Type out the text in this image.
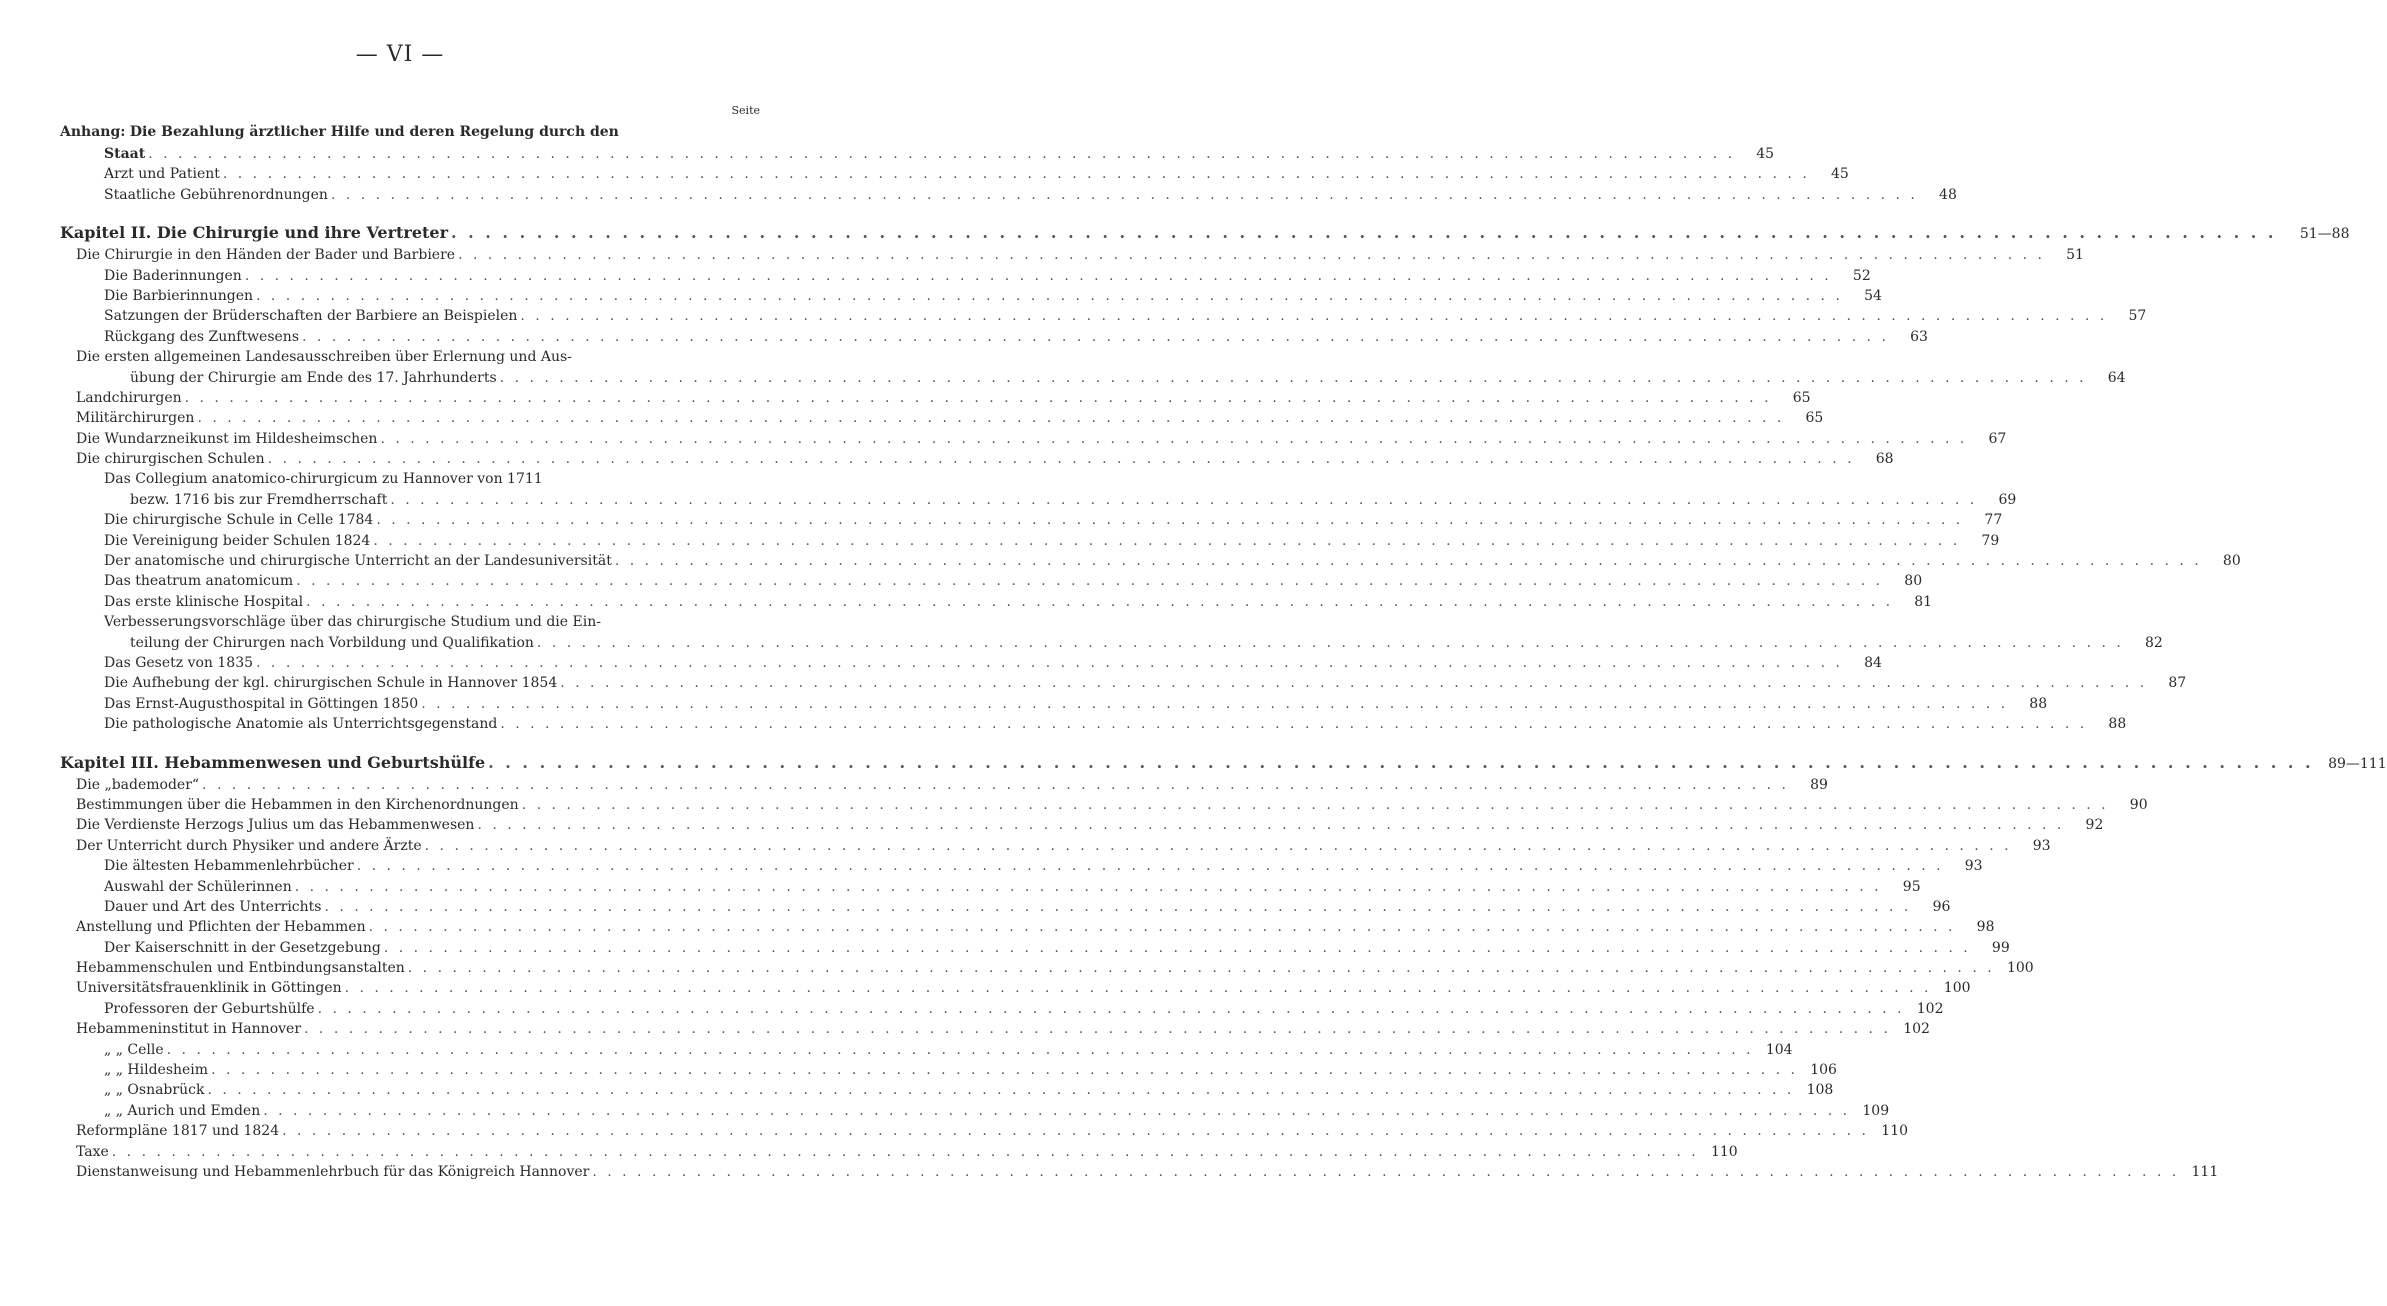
— VI —
Seite
Anhang: Die Bezahlung ärztlicher Hilfe und deren Regelung durch den
Staat . . .	45
Arzt und Patient . . .	45
Staatliche Gebührenordnungen . . .	48
Kapitel II. Die Chirurgie und ihre Vertreter . . .	51—88
Die Chirurgie in den Händen der Bader und Barbiere . . .	51
Die Baderinnungen . . .	52
Die Barbierinnungen . . .	54
Satzungen der Brüderschaften der Barbiere an Beispielen . . .	57
Rückgang des Zunftwesens . . .	63
Die ersten allgemeinen Landesausschreiben über Erlernung und Aus-
übung der Chirurgie am Ende des 17. Jahrhunderts . . .	64
Landchirurgen . . .	65
Militärchirurgen . . .	65
Die Wundarzneikunst im Hildesheimschen . . .	67
Die chirurgischen Schulen . . .	68
Das Collegium anatomico-chirurgicum zu Hannover von 1711
bezw. 1716 bis zur Fremdherrschaft . . .	69
Die chirurgische Schule in Celle 1784 . . .	77
Die Vereinigung beider Schulen 1824 . . .	79
Der anatomische und chirurgische Unterricht an der Landesuniversität . . .	80
Das theatrum anatomicum . . .	80
Das erste klinische Hospital . . .	81
Verbesserungsvorschläge über das chirurgische Studium und die Ein-
teilung der Chirurgen nach Vorbildung und Qualifikation . . .	82
Das Gesetz von 1835 . . .	84
Die Aufhebung der kgl. chirurgischen Schule in Hannover 1854 . . .	87
Das Ernst-Augusthospital in Göttingen 1850 . . .	88
Die pathologische Anatomie als Unterrichtsgegenstand . . .	88
Kapitel III. Hebammenwesen und Geburtshülfe . . .	89—111
Die „bademoder“ . . .	89
Bestimmungen über die Hebammen in den Kirchenordnungen . . .	90
Die Verdienste Herzogs Julius um das Hebammenwesen . . .	92
Der Unterricht durch Physiker und andere Ärzte . . .	93
Die ältesten Hebammenlehrbücher . . .	93
Auswahl der Schülerinnen . . .	95
Dauer und Art des Unterrichts . . .	96
Anstellung und Pflichten der Hebammen . . .	98
Der Kaiserschnitt in der Gesetzgebung . . .	99
Hebammenschulen und Entbindungsanstalten . . .	100
Universitätsfrauenklinik in Göttingen . . .	100
Professoren der Geburtshülfe . . .	102
Hebammeninstitut in Hannover . . .	102
„ „ Celle . . .	104
„ „ Hildesheim . . .	106
„ „ Osnabrück . . .	108
„ „ Aurich und Emden . . .	109
Reformpläne 1817 und 1824 . . .	110
Taxe . . .	110
Dienstanweisung und Hebammenlehrbuch für das Königreich Hannover . . .	111
